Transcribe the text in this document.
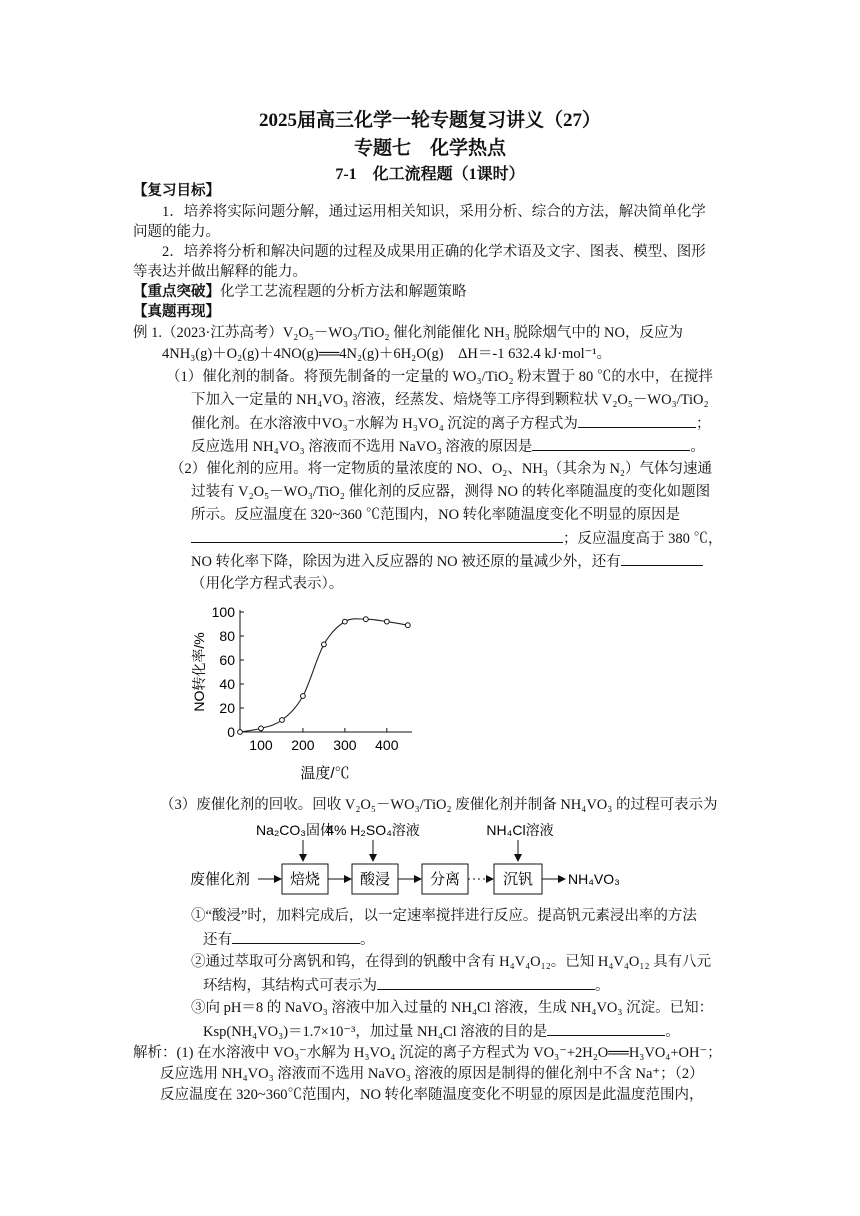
2025届高三化学一轮专题复习讲义（27）
专题七　化学热点
7-1　化工流程题（1课时）
【复习目标】
1．培养将实际问题分解，通过运用相关知识，采用分析、综合的方法，解决简单化学
问题的能力。
2．培养将分析和解决问题的过程及成果用正确的化学术语及文字、图表、模型、图形
等表达并做出解释的能力。
【重点突破】化学工艺流程题的分析方法和解题策略
【真题再现】
例 1.（2023·江苏高考）V₂O₅－WO₃/TiO₂ 催化剂能催化 NH₃ 脱除烟气中的 NO，反应为
4NH₃(g)＋O₂(g)＋4NO(g)══4N₂(g)＋6H₂O(g)　ΔH＝-1 632.4 kJ·mol⁻¹。
（1）催化剂的制备。将预先制备的一定量的 WO₃/TiO₂ 粉末置于 80 ℃的水中，在搅拌
下加入一定量的 NH₄VO₃ 溶液，经蒸发、焙烧等工序得到颗粒状 V₂O₅－WO₃/TiO₂
催化剂。在水溶液中VO₃⁻水解为 H₃VO₄ 沉淀的离子方程式为	；
反应选用 NH₄VO₃ 溶液而不选用 NaVO₃ 溶液的原因是	。
（2）催化剂的应用。将一定物质的量浓度的 NO、O₂、NH₃（其余为 N₂）气体匀速通
过装有 V₂O₅－WO₃/TiO₂ 催化剂的反应器，测得 NO 的转化率随温度的变化如题图
所示。反应温度在 320~360 ℃范围内，NO 转化率随温度变化不明显的原因是
；反应温度高于 380 ℃，
NO 转化率下降，除因为进入反应器的 NO 被还原的量减少外，还有
（用化学方程式表示）。
0
20
40
60
80
100
100 200 300 400
NO转化率/%
温度/℃
（3）废催化剂的回收。回收 V₂O₅－WO₃/TiO₂ 废催化剂并制备 NH₄VO₃ 的过程可表示为
Na₂CO₃固体
4% H₂SO₄溶液	NH₄Cl溶液
废催化剂	焙烧	酸浸	分离	沉钒 NH₄VO₃
①“酸浸”时，加料完成后，以一定速率搅拌进行反应。提高钒元素浸出率的方法
还有	。
②通过萃取可分离钒和钨，在得到的钒酸中含有 H₄V₄O₁₂。已知 H₄V₄O₁₂ 具有八元
环结构，其结构式可表示为	。
③向 pH＝8 的 NaVO₃ 溶液中加入过量的 NH₄Cl 溶液，生成 NH₄VO₃ 沉淀。已知：
Ksp(NH₄VO₃)＝1.7×10⁻³，加过量 NH₄Cl 溶液的目的是	。
解析：(1) 在水溶液中 VO₃⁻水解为 H₃VO₄ 沉淀的离子方程式为 VO₃⁻+2H₂O══H₃VO₄+OH⁻；
反应选用 NH₄VO₃ 溶液而不选用 NaVO₃ 溶液的原因是制得的催化剂中不含 Na⁺；（2）
反应温度在 320~360℃范围内，NO 转化率随温度变化不明显的原因是此温度范围内，
